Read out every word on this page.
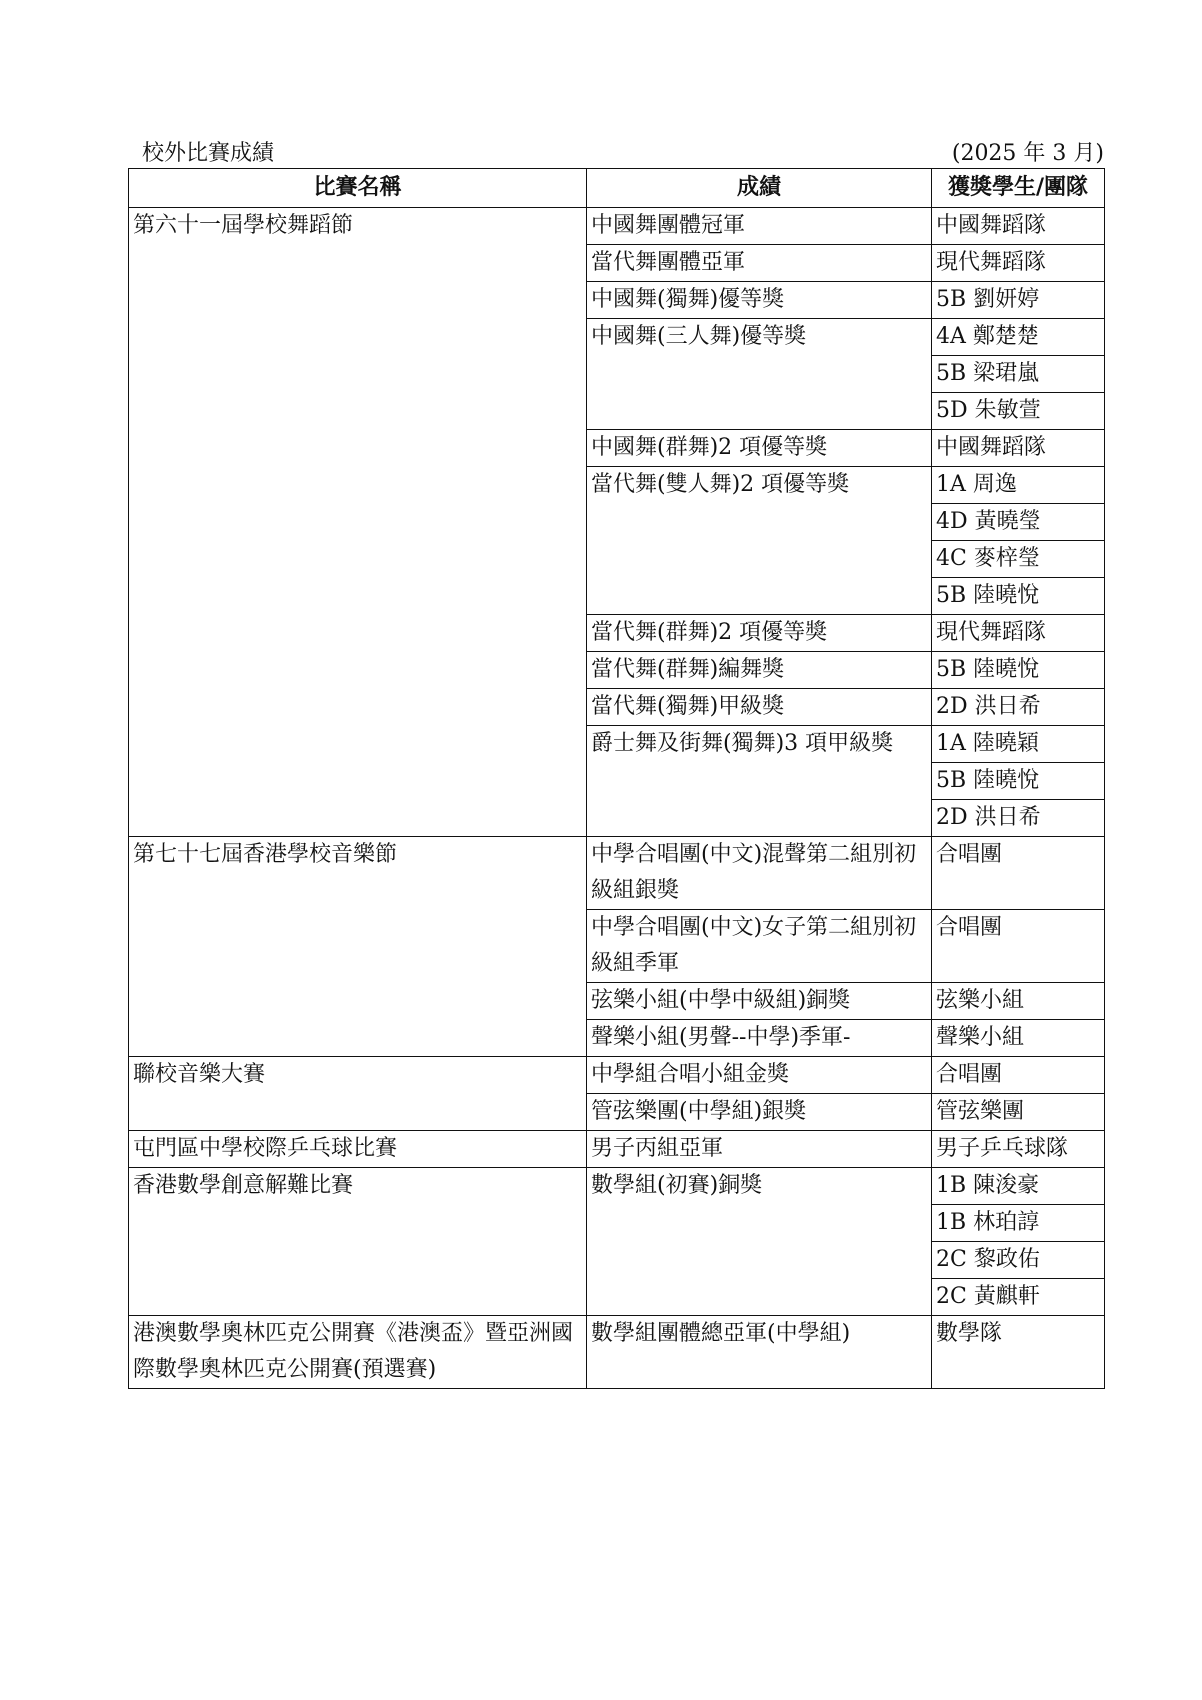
校外比賽成績	(2025 年 3 月)
比賽名稱	成績	獲獎學生/團隊
第六十一屆學校舞蹈節	中國舞團體冠軍	中國舞蹈隊
	當代舞團體亞軍	現代舞蹈隊
	中國舞(獨舞)優等獎	5B 劉妍婷
	中國舞(三人舞)優等獎	4A 鄭楚楚
		5B 梁珺嵐
		5D 朱敏萱
	中國舞(群舞)2 項優等獎	中國舞蹈隊
	當代舞(雙人舞)2 項優等獎	1A 周逸
		4D 黃曉瑩
		4C 麥梓瑩
		5B 陸曉悅
	當代舞(群舞)2 項優等獎	現代舞蹈隊
	當代舞(群舞)編舞獎	5B 陸曉悅
	當代舞(獨舞)甲級獎	2D 洪日希
	爵士舞及街舞(獨舞)3 項甲級獎	1A 陸曉穎
		5B 陸曉悅
		2D 洪日希
第七十七屆香港學校音樂節	中學合唱團(中文)混聲第二組別初級組銀獎	合唱團
	中學合唱團(中文)女子第二組別初級組季軍	合唱團
	弦樂小組(中學中級組)銅獎	弦樂小組
	聲樂小組(男聲--中學)季軍-	聲樂小組
聯校音樂大賽	中學組合唱小組金獎	合唱團
	管弦樂團(中學組)銀獎	管弦樂團
屯門區中學校際乒乓球比賽	男子丙組亞軍	男子乒乓球隊
香港數學創意解難比賽	數學組(初賽)銅獎	1B 陳浚豪
		1B 林珀諄
		2C 黎政佑
		2C 黃麒軒
港澳數學奧林匹克公開賽《港澳盃》暨亞洲國際數學奧林匹克公開賽(預選賽)	數學組團體總亞軍(中學組)	數學隊
